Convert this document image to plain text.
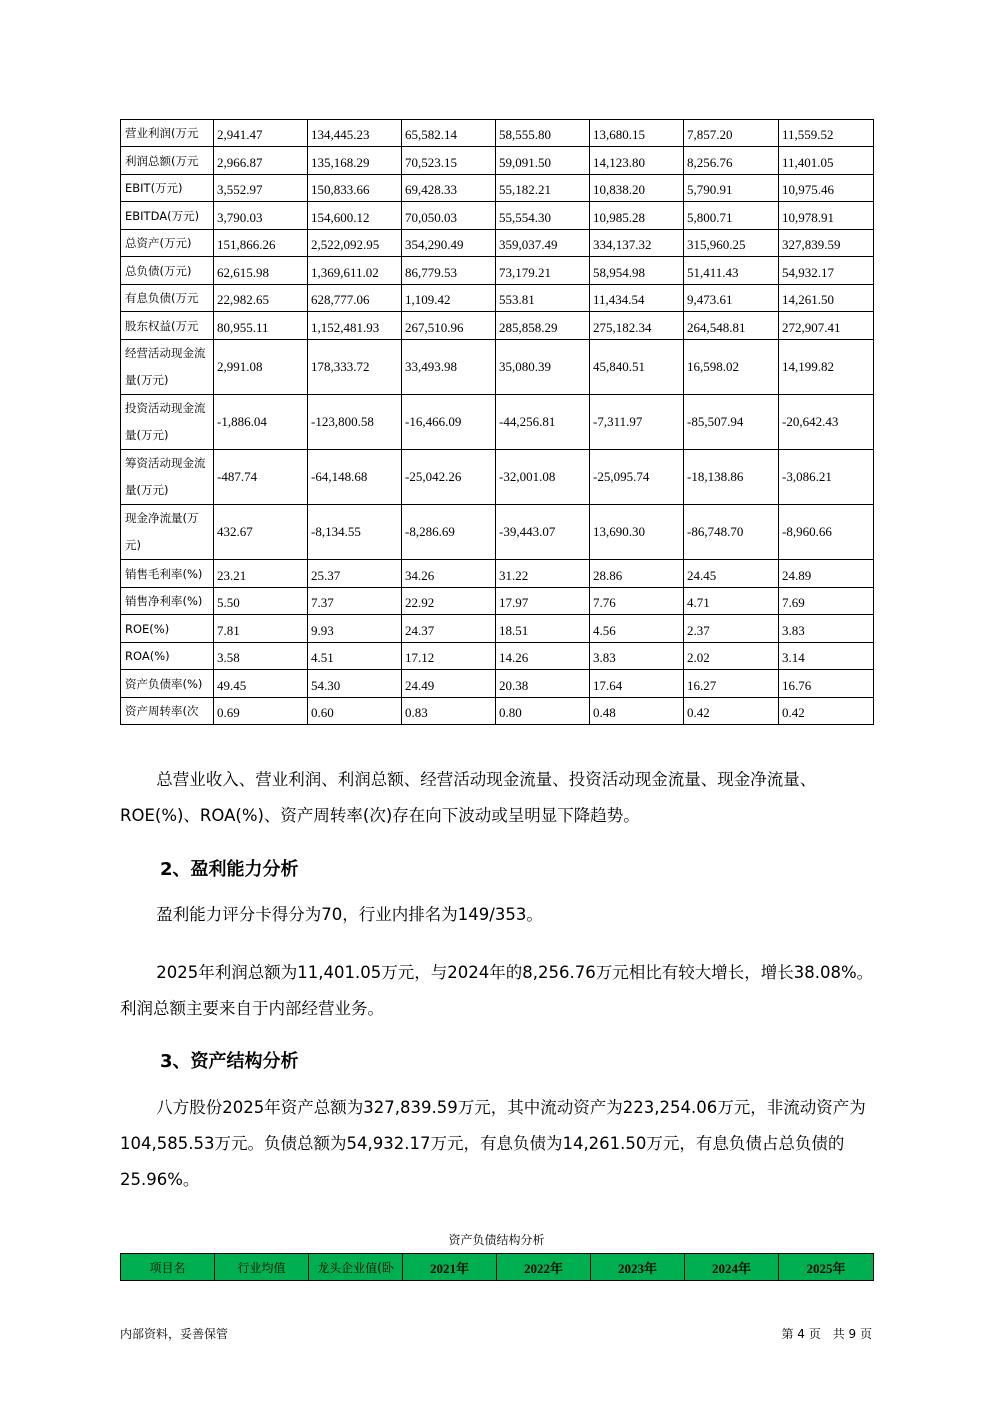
营业利润(万元	2,941.47	134,445.23	65,582.14	58,555.80	13,680.15	7,857.20	11,559.52
利润总额(万元	2,966.87	135,168.29	70,523.15	59,091.50	14,123.80	8,256.76	11,401.05
EBIT(万元)	3,552.97	150,833.66	69,428.33	55,182.21	10,838.20	5,790.91	10,975.46
EBITDA(万元)	3,790.03	154,600.12	70,050.03	55,554.30	10,985.28	5,800.71	10,978.91
总资产(万元)	151,866.26	2,522,092.95	354,290.49	359,037.49	334,137.32	315,960.25	327,839.59
总负债(万元)	62,615.98	1,369,611.02	86,779.53	73,179.21	58,954.98	51,411.43	54,932.17
有息负债(万元	22,982.65	628,777.06	1,109.42	553.81	11,434.54	9,473.61	14,261.50
股东权益(万元	80,955.11	1,152,481.93	267,510.96	285,858.29	275,182.34	264,548.81	272,907.41
经营活动现金流量(万元)	2,991.08	178,333.72	33,493.98	35,080.39	45,840.51	16,598.02	14,199.82
投资活动现金流量(万元)	-1,886.04	-123,800.58	-16,466.09	-44,256.81	-7,311.97	-85,507.94	-20,642.43
筹资活动现金流量(万元)	-487.74	-64,148.68	-25,042.26	-32,001.08	-25,095.74	-18,138.86	-3,086.21
现金净流量(万元)	432.67	-8,134.55	-8,286.69	-39,443.07	13,690.30	-86,748.70	-8,960.66
销售毛利率(%)	23.21	25.37	34.26	31.22	28.86	24.45	24.89
销售净利率(%)	5.50	7.37	22.92	17.97	7.76	4.71	7.69
ROE(%)	7.81	9.93	24.37	18.51	4.56	2.37	3.83
ROA(%)	3.58	4.51	17.12	14.26	3.83	2.02	3.14
资产负债率(%)	49.45	54.30	24.49	20.38	17.64	16.27	16.76
资产周转率(次	0.69	0.60	0.83	0.80	0.48	0.42	0.42
总营业收入、营业利润、利润总额、经营活动现金流量、投资活动现金流量、现金净流量、ROE(%)、ROA(%)、资产周转率(次)存在向下波动或呈明显下降趋势。
2、盈利能力分析
盈利能力评分卡得分为70，行业内排名为149/353。
2025年利润总额为11,401.05万元，与2024年的8,256.76万元相比有较大增长，增长38.08%。利润总额主要来自于内部经营业务。
3、资产结构分析
八方股份2025年资产总额为327,839.59万元，其中流动资产为223,254.06万元，非流动资产为104,585.53万元。负债总额为54,932.17万元，有息负债为14,261.50万元，有息负债占总负债的25.96%。
资产负债结构分析
项目名	行业均值	龙头企业值(卧	2021年	2022年	2023年	2024年	2025年
内部资料，妥善保管	第 4 页　共 9 页
